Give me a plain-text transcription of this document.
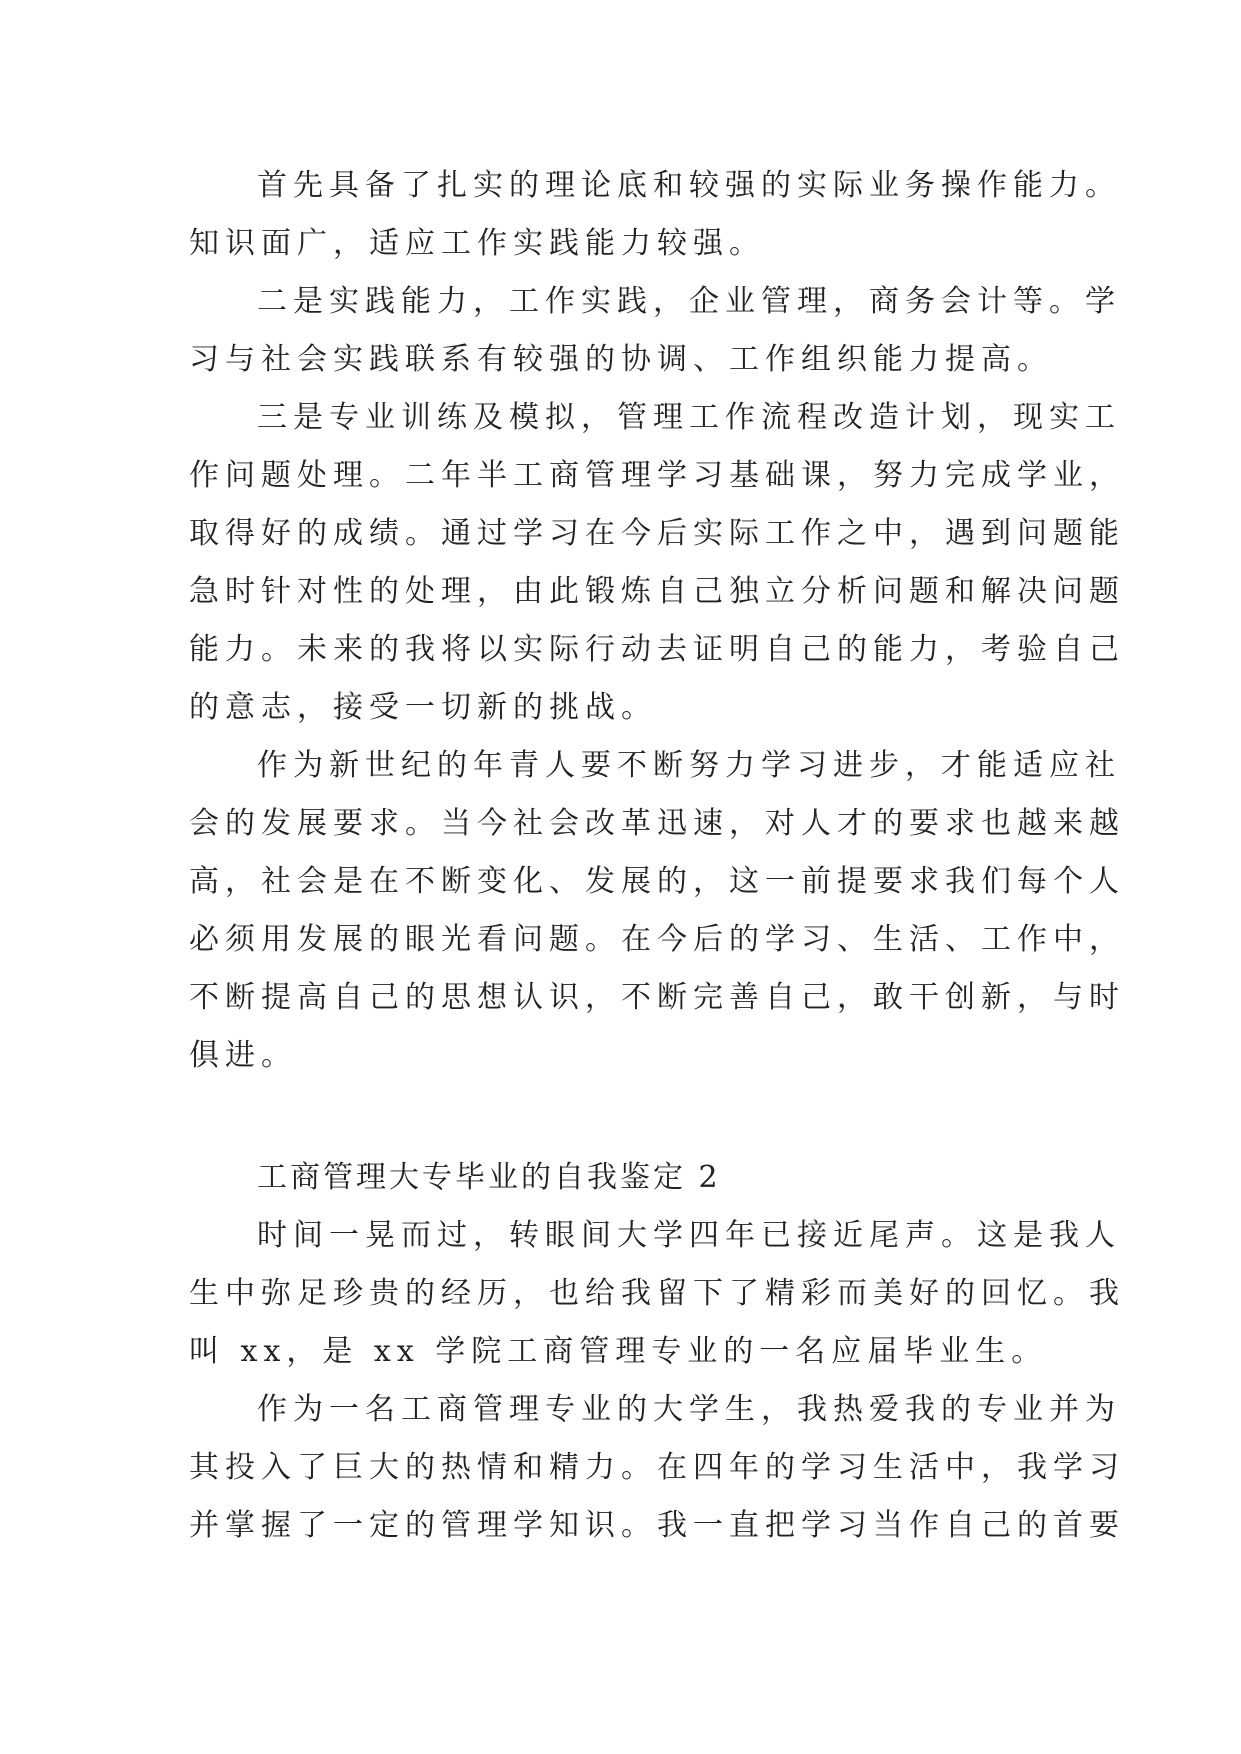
首先具备了扎实的理论底和较强的实际业务操作能力。
知识面广，适应工作实践能力较强。
二是实践能力，工作实践，企业管理，商务会计等。学
习与社会实践联系有较强的协调、工作组织能力提高。
三是专业训练及模拟，管理工作流程改造计划，现实工
作问题处理。二年半工商管理学习基础课，努力完成学业，
取得好的成绩。通过学习在今后实际工作之中，遇到问题能
急时针对性的处理，由此锻炼自己独立分析问题和解决问题
能力。未来的我将以实际行动去证明自己的能力，考验自己
的意志，接受一切新的挑战。
作为新世纪的年青人要不断努力学习进步，才能适应社
会的发展要求。当今社会改革迅速，对人才的要求也越来越
高，社会是在不断变化、发展的，这一前提要求我们每个人
必须用发展的眼光看问题。在今后的学习、生活、工作中，
不断提高自己的思想认识，不断完善自己，敢干创新，与时
俱进。
工商管理大专毕业的自我鉴定 2
时间一晃而过，转眼间大学四年已接近尾声。这是我人
生中弥足珍贵的经历，也给我留下了精彩而美好的回忆。我
叫 xx，是 xx 学院工商管理专业的一名应届毕业生。
作为一名工商管理专业的大学生，我热爱我的专业并为
其投入了巨大的热情和精力。在四年的学习生活中，我学习
并掌握了一定的管理学知识。我一直把学习当作自己的首要
